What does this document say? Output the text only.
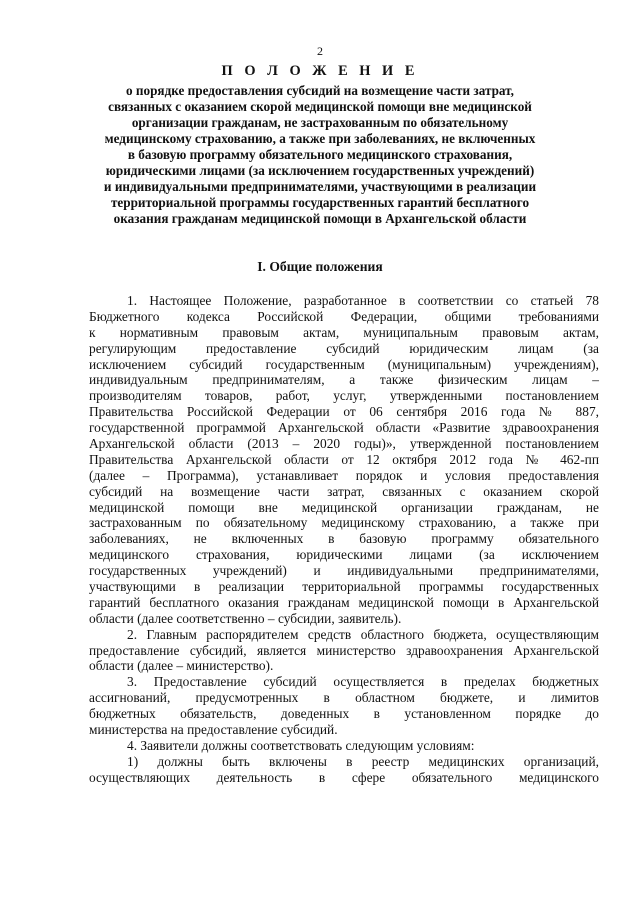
2
П О Л О Ж Е Н И Е
о порядке предоставления субсидий на возмещение части затрат,
связанных с оказанием скорой медицинской помощи вне медицинской
организации гражданам, не застрахованным по обязательному
медицинскому страхованию, а также при заболеваниях, не включенных
в базовую программу обязательного медицинского страхования,
юридическими лицами (за исключением государственных учреждений)
и индивидуальными предпринимателями, участвующими в реализации
территориальной программы государственных гарантий бесплатного
оказания гражданам медицинской помощи в Архангельской области
I. Общие положения
1. Настоящее Положение, разработанное в соответствии со статьей 78
Бюджетного кодекса Российской Федерации, общими требованиями
к нормативным правовым актам, муниципальным правовым актам,
регулирующим предоставление субсидий юридическим лицам (за
исключением субсидий государственным (муниципальным) учреждениям),
индивидуальным предпринимателям, а также физическим лицам –
производителям товаров, работ, услуг, утвержденными постановлением
Правительства Российской Федерации от 06 сентября 2016 года № 887,
государственной программой Архангельской области «Развитие здравоохранения
Архангельской области (2013 – 2020 годы)», утвержденной постановлением
Правительства Архангельской области от 12 октября 2012 года № 462-пп
(далее – Программа), устанавливает порядок и условия предоставления
субсидий на возмещение части затрат, связанных с оказанием скорой
медицинской помощи вне медицинской организации гражданам, не
застрахованным по обязательному медицинскому страхованию, а также при
заболеваниях, не включенных в базовую программу обязательного
медицинского страхования, юридическими лицами (за исключением
государственных учреждений) и индивидуальными предпринимателями,
участвующими в реализации территориальной программы государственных
гарантий бесплатного оказания гражданам медицинской помощи в Архангельской
области (далее соответственно – субсидии, заявитель).
2. Главным распорядителем средств областного бюджета, осуществляющим
предоставление субсидий, является министерство здравоохранения Архангельской
области (далее – министерство).
3. Предоставление субсидий осуществляется в пределах бюджетных
ассигнований, предусмотренных в областном бюджете, и лимитов
бюджетных обязательств, доведенных в установленном порядке до
министерства на предоставление субсидий.
4. Заявители должны соответствовать следующим условиям:
1) должны быть включены в реестр медицинских организаций,
осуществляющих деятельность в сфере обязательного медицинского
